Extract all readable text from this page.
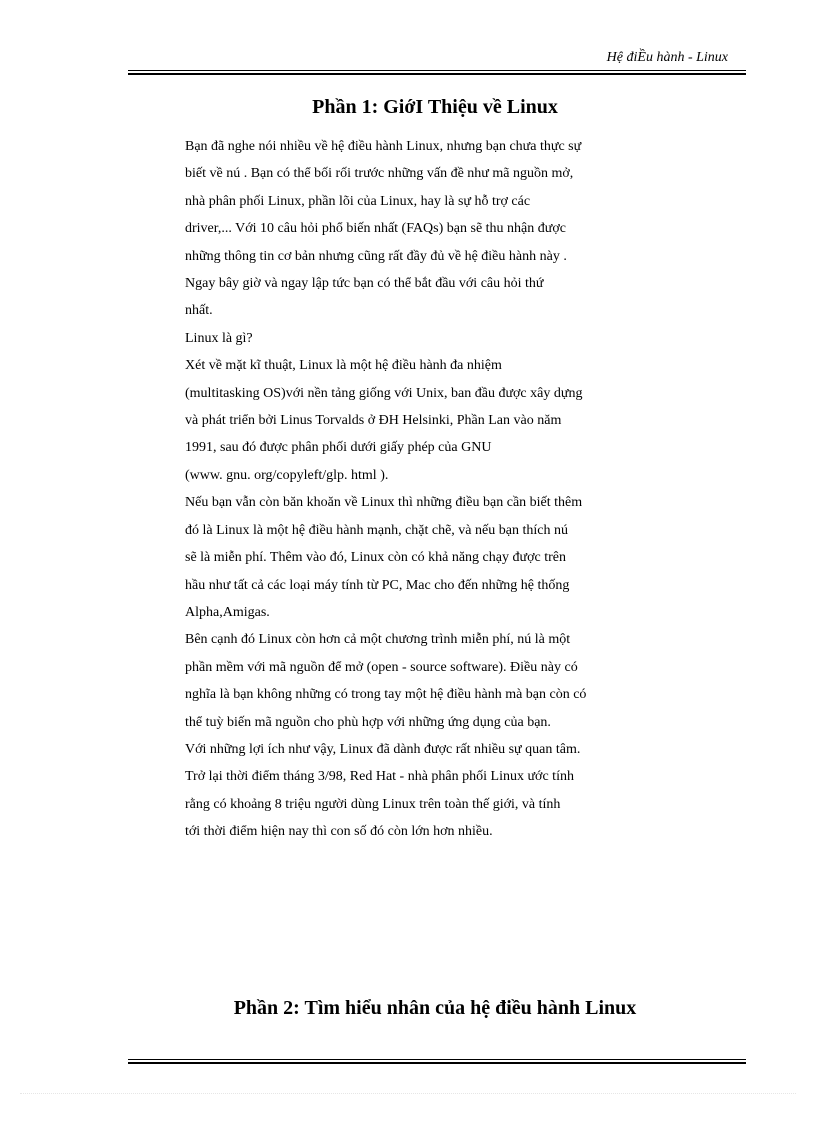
Hệ điỀu hành - Linux
Phần 1: GiớI Thiệu về Linux
Bạn đã nghe nói nhiều về hệ điều hành Linux, nhưng bạn chưa thực sự
biết về nú . Bạn có thể bối rối trước những vấn đề như mã nguồn mở,
nhà phân phối Linux, phần lõi của Linux, hay là sự hỗ trợ các
driver,... Với 10 câu hỏi phổ biến nhất (FAQs) bạn sẽ thu nhận được
những thông tin cơ bản nhưng cũng rất đầy đủ về hệ điều hành này .
Ngay bây giờ và ngay lập tức bạn có thể bắt đầu với câu hỏi thứ
nhất.
Linux là gì?
Xét về mặt kĩ thuật, Linux là một hệ điều hành đa nhiệm
(multitasking OS)với nền tảng giống với Unix, ban đầu được xây dựng
và phát triển bởi Linus Torvalds ở ĐH Helsinki, Phần Lan vào năm
1991, sau đó được phân phối dưới giấy phép của GNU
(www. gnu. org/copyleft/glp. html ).
Nếu bạn vẫn còn băn khoăn về Linux thì những điều bạn cần biết thêm
đó là Linux là một hệ điều hành mạnh, chặt chẽ, và nếu bạn thích nú
sẽ là miễn phí. Thêm vào đó, Linux còn có khả năng chạy được trên
hầu như tất cả các loại máy tính từ PC, Mac cho đến những hệ thống
Alpha,Amigas.
Bên cạnh đó Linux còn hơn cả một chương trình miễn phí, nú là một
phần mềm với mã nguồn để mở (open - source software). Điều này có
nghĩa là bạn không những có trong tay một hệ điều hành mà bạn còn có
thể tuỳ biến mã nguồn cho phù hợp với những ứng dụng của bạn.
Với những lợi ích như vậy, Linux đã dành được rất nhiều sự quan tâm.
Trở lại thời điểm tháng 3/98, Red Hat - nhà phân phối Linux ước tính
rằng có khoảng 8 triệu người dùng Linux trên toàn thế giới, và tính
tới thời điểm hiện nay thì con số đó còn lớn hơn nhiều.
Phần 2: Tìm hiểu nhân của hệ điều hành Linux
